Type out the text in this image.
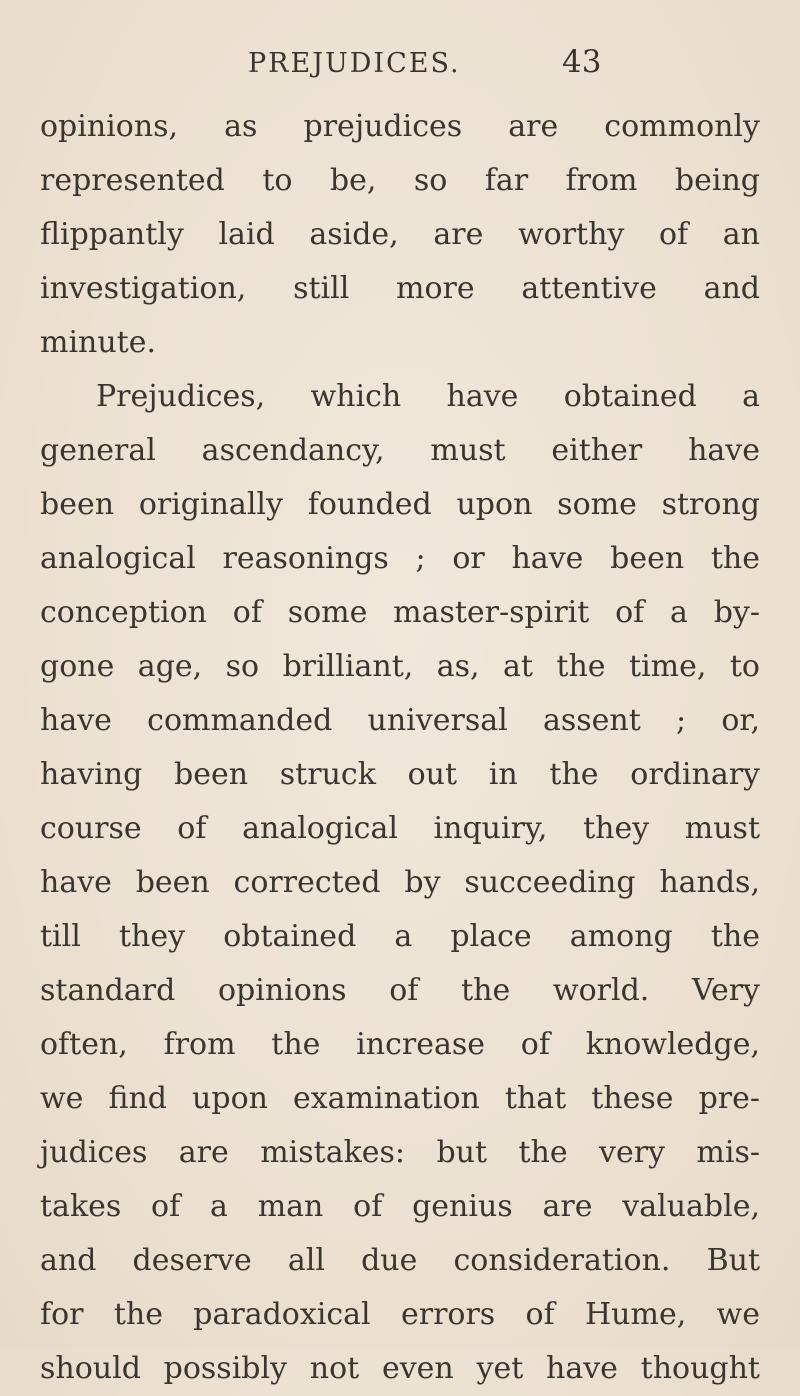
PREJUDICES.	43
opinions, as prejudices are commonly
represented to be, so far from being
flippantly laid aside, are worthy of an
investigation, still more attentive and
minute.
Prejudices, which have obtained a
general ascendancy, must either have
been originally founded upon some strong
analogical reasonings ; or have been the
conception of some master-spirit of a by-
gone age, so brilliant, as, at the time, to
have commanded universal assent ; or,
having been struck out in the ordinary
course of analogical inquiry, they must
have been corrected by succeeding hands,
till they obtained a place among the
standard opinions of the world. Very
often, from the increase of knowledge,
we find upon examination that these pre-
judices are mistakes: but the very mis-
takes of a man of genius are valuable,
and deserve all due consideration. But
for the paradoxical errors of Hume, we
should possibly not even yet have thought
